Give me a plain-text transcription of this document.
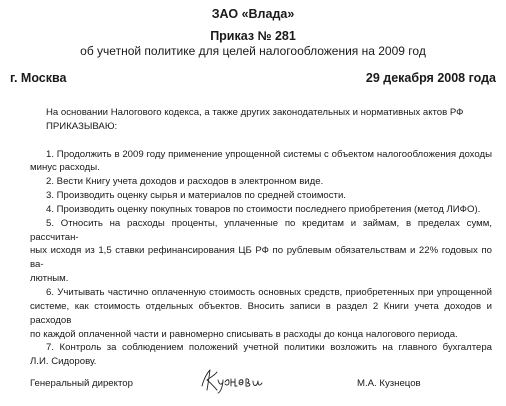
ЗАО «Влада»
Приказ № 281
об учетной политике для целей налогообложения на 2009 год
г. Москва	29 декабря 2008 года
На основании Налогового кодекса, а также других законодательных и нормативных актов РФ
ПРИКАЗЫВАЮ:
1. Продолжить в 2009 году применение упрощенной системы с объектом налогообложения доходы
минус расходы.
2. Вести Книгу учета доходов и расходов в электронном виде.
3. Производить оценку сырья и материалов по средней стоимости.
4. Производить оценку покупных товаров по стоимости последнего приобретения (метод ЛИФО).
5. Относить на расходы проценты, уплаченные по кредитам и займам, в пределах сумм, рассчитан-
ных исходя из 1,5 ставки рефинансирования ЦБ РФ по рублевым обязательствам и 22% годовых по ва-
лютным.
6. Учитывать частично оплаченную стоимость основных средств, приобретенных при упрощенной
системе, как стоимость отдельных объектов. Вносить записи в раздел 2 Книги учета доходов и расходов
по каждой оплаченной части и равномерно списывать в расходы до конца налогового периода.
7. Контроль за соблюдением положений учетной политики возложить на главного бухгалтера
Л.И. Сидорову.
Генеральный директор	М.А. Кузнецов
